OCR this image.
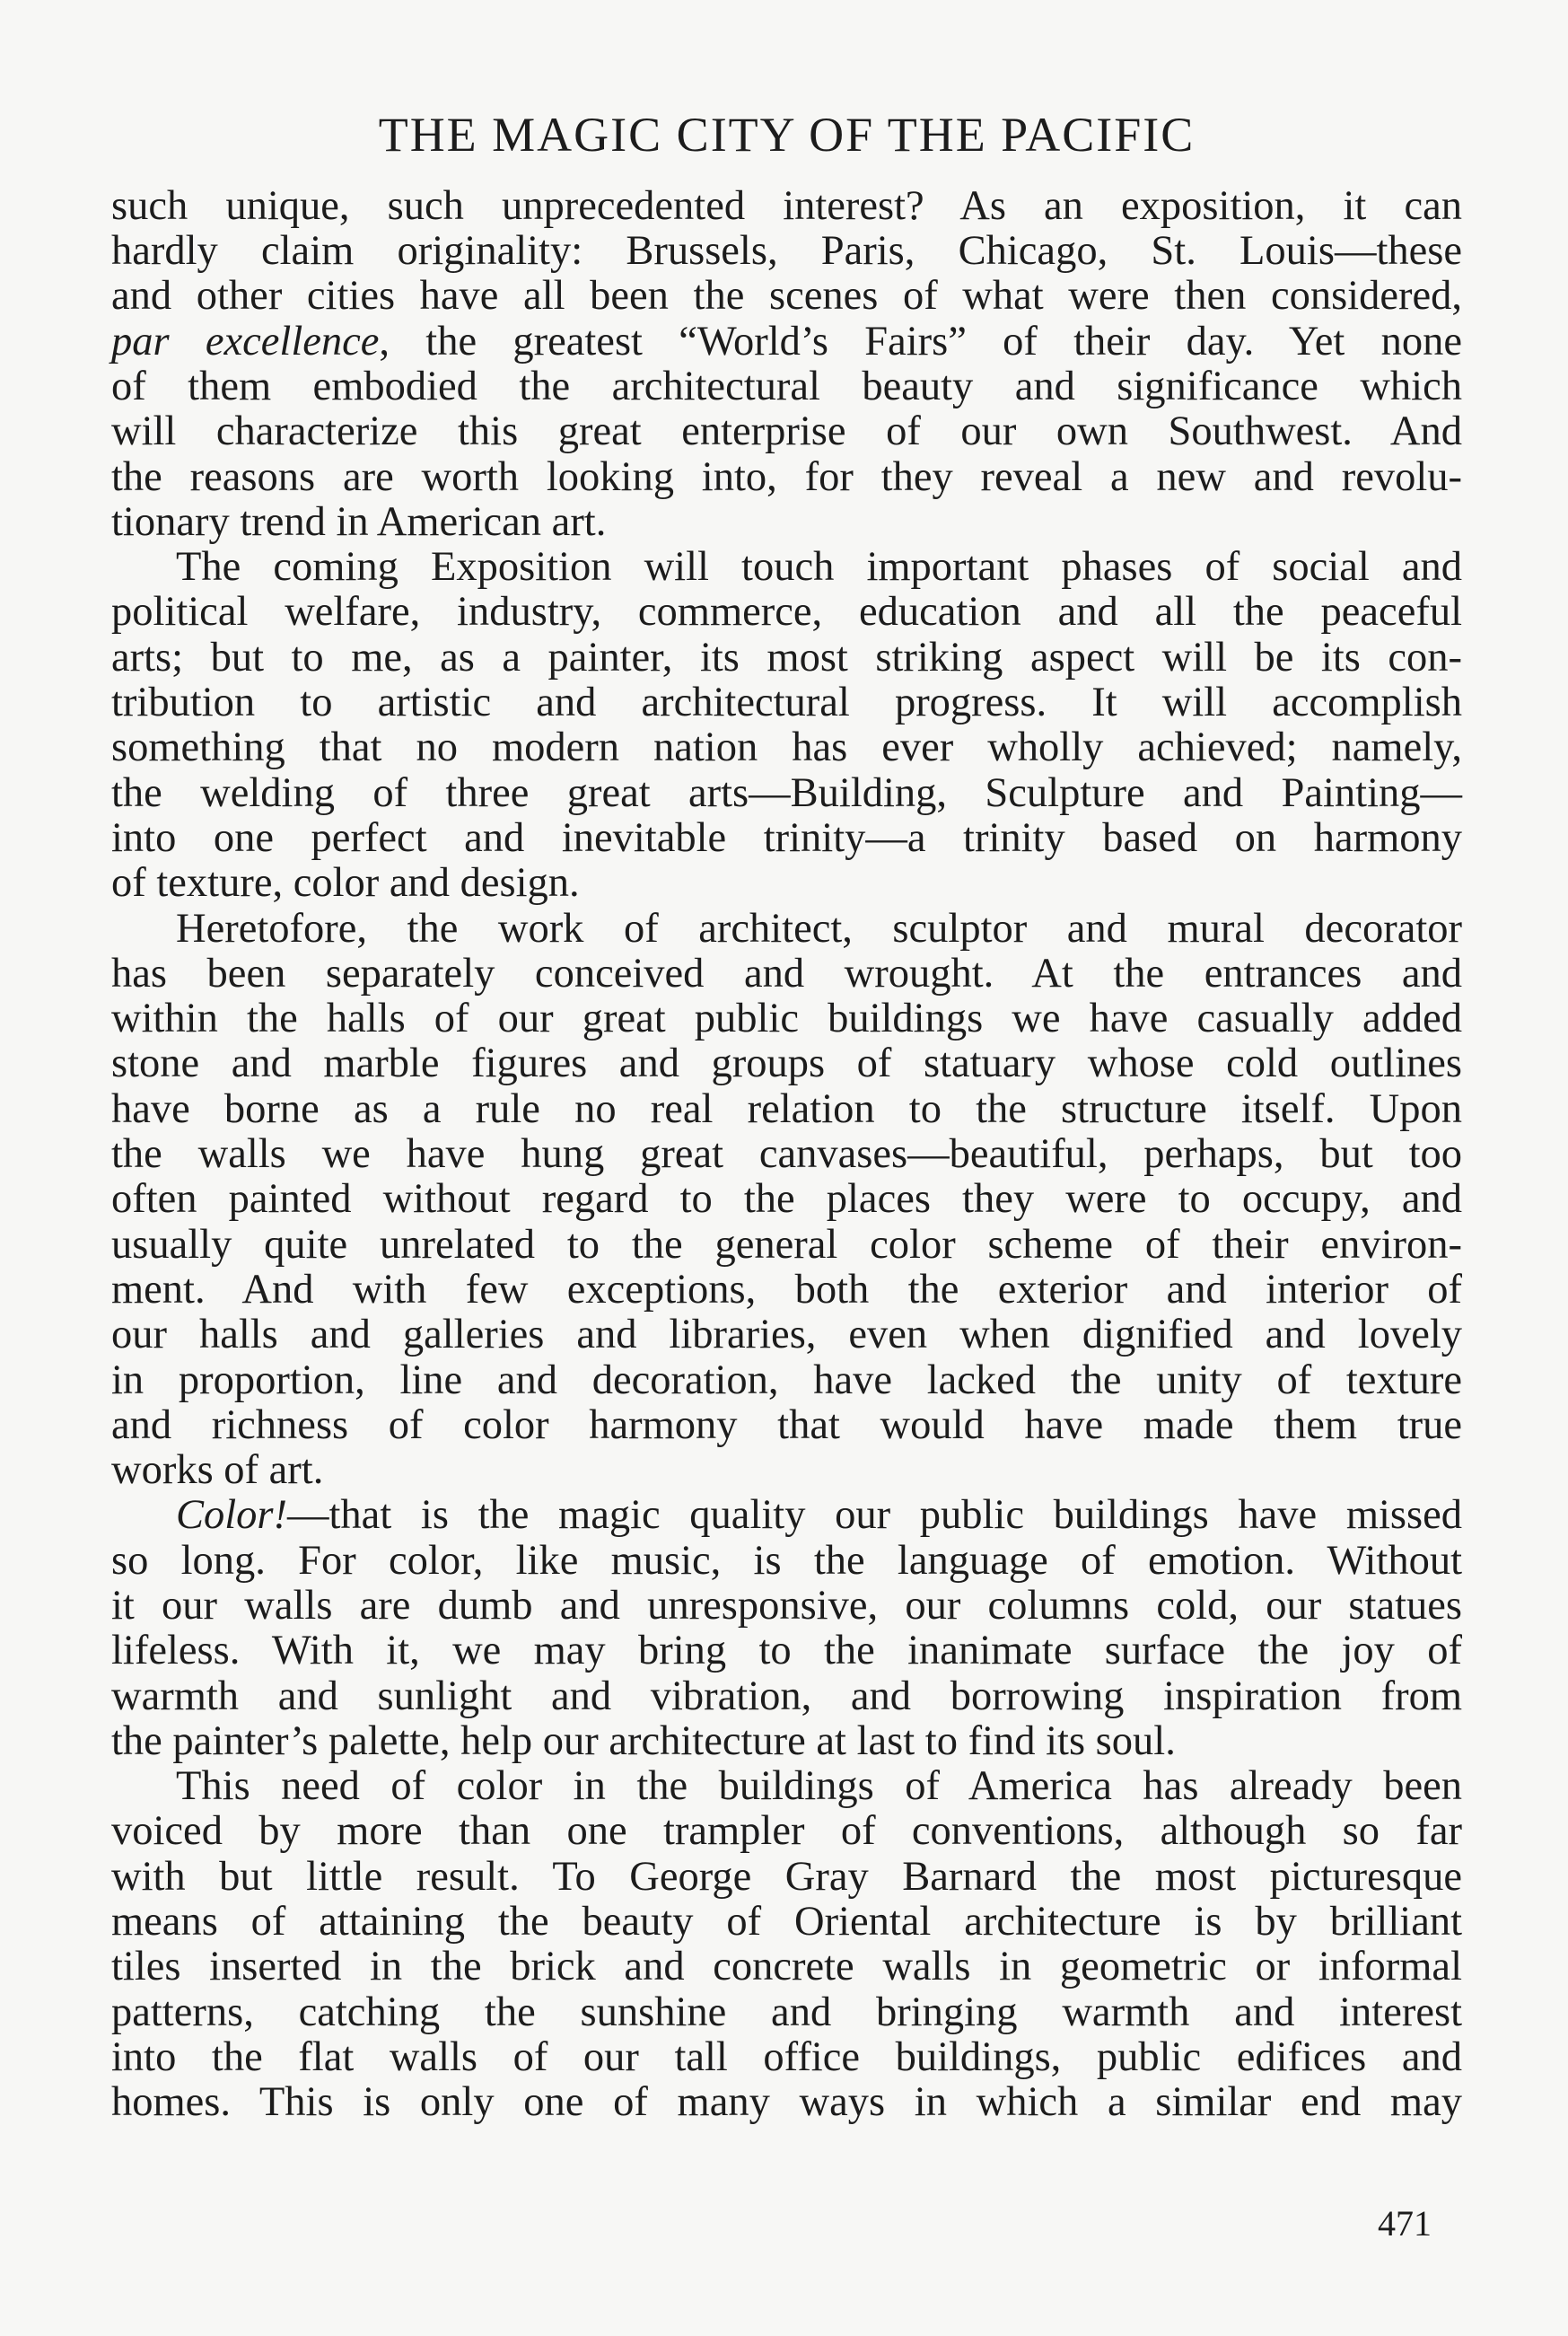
THE MAGIC CITY OF THE PACIFIC
such unique, such unprecedented interest? As an exposition, it can
hardly claim originality: Brussels, Paris, Chicago, St. Louis—these
and other cities have all been the scenes of what were then considered,
par excellence, the greatest “World’s Fairs” of their day. Yet none
of them embodied the architectural beauty and significance which
will characterize this great enterprise of our own Southwest. And
the reasons are worth looking into, for they reveal a new and revolu-
tionary trend in American art.
The coming Exposition will touch important phases of social and
political welfare, industry, commerce, education and all the peaceful
arts; but to me, as a painter, its most striking aspect will be its con-
tribution to artistic and architectural progress. It will accomplish
something that no modern nation has ever wholly achieved; namely,
the welding of three great arts—Building, Sculpture and Painting—
into one perfect and inevitable trinity—a trinity based on harmony
of texture, color and design.
Heretofore, the work of architect, sculptor and mural decorator
has been separately conceived and wrought. At the entrances and
within the halls of our great public buildings we have casually added
stone and marble figures and groups of statuary whose cold outlines
have borne as a rule no real relation to the structure itself. Upon
the walls we have hung great canvases—beautiful, perhaps, but too
often painted without regard to the places they were to occupy, and
usually quite unrelated to the general color scheme of their environ-
ment. And with few exceptions, both the exterior and interior of
our halls and galleries and libraries, even when dignified and lovely
in proportion, line and decoration, have lacked the unity of texture
and richness of color harmony that would have made them true
works of art.
Color!—that is the magic quality our public buildings have missed
so long. For color, like music, is the language of emotion. Without
it our walls are dumb and unresponsive, our columns cold, our statues
lifeless. With it, we may bring to the inanimate surface the joy of
warmth and sunlight and vibration, and borrowing inspiration from
the painter’s palette, help our architecture at last to find its soul.
This need of color in the buildings of America has already been
voiced by more than one trampler of conventions, although so far
with but little result. To George Gray Barnard the most picturesque
means of attaining the beauty of Oriental architecture is by brilliant
tiles inserted in the brick and concrete walls in geometric or informal
patterns, catching the sunshine and bringing warmth and interest
into the flat walls of our tall office buildings, public edifices and
homes. This is only one of many ways in which a similar end may
471
